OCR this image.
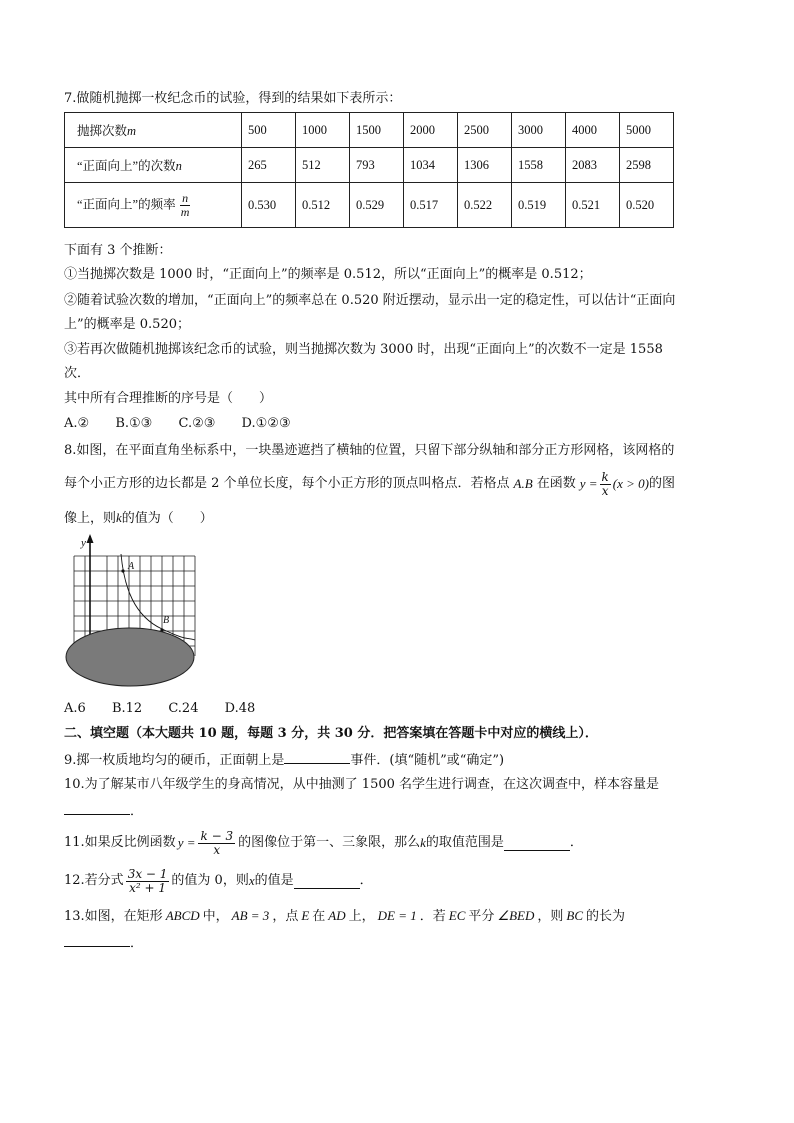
7.做随机抛掷一枚纪念币的试验，得到的结果如下表所示：
抛掷次数m	500	1000	1500	2000	2500	3000	4000	5000
“正面向上”的次数n	265	512	793	1034	1306	1558	2083	2598
“正面向上”的频率 $\frac{n}{m}$	0.530	0.512	0.529	0.517	0.522	0.519	0.521	0.520
下面有 3 个推断：
①当抛掷次数是 1000 时，“正面向上”的频率是 0.512，所以“正面向上”的概率是 0.512；
②随着试验次数的增加，“正面向上”的频率总在 0.520 附近摆动，显示出一定的稳定性，可以估计“正面向
上”的概率是 0.520；
③若再次做随机抛掷该纪念币的试验，则当抛掷次数为 3000 时，出现“正面向上”的次数不一定是 1558
次．
其中所有合理推断的序号是（　　）
A.② B.①③ C.②③ D.①②③
8.如图，在平面直角坐标系中，一块墨迹遮挡了横轴的位置，只留下部分纵轴和部分正方形网格，该网格的
每个小正方形的边长都是 2 个单位长度，每个小正方形的顶点叫格点．若格点 A.B 在函数 $y = \frac{k}{x} (x > 0)$ 的图
像上，则k的值为（　　）
y
A
B
A.6 B.12 C.24 D.48
二、填空题（本大题共 10 题，每题 3 分，共 30 分．把答案填在答题卡中对应的横线上）．
9.掷一枚质地均匀的硬币，正面朝上是	事件．(填“随机”或“确定”)
10.为了解某市八年级学生的身高情况，从中抽测了 1500 名学生进行调查，在这次调查中，样本容量是
．
11.如果反比例函数 $y = \frac{k - 3}{x}$ 的图像位于第一、三象限，那么 k 的取值范围是	．
12.若分式 $\frac{3x - 1}{\text{x² + 1}}$ 的值为 0，则 x 的值是	．
13.如图，在矩形 ABCD 中， AB = 3 ，点 E 在 AD 上， DE = 1 ．若 EC 平分 ∠BED ，则 BC 的长为
．
